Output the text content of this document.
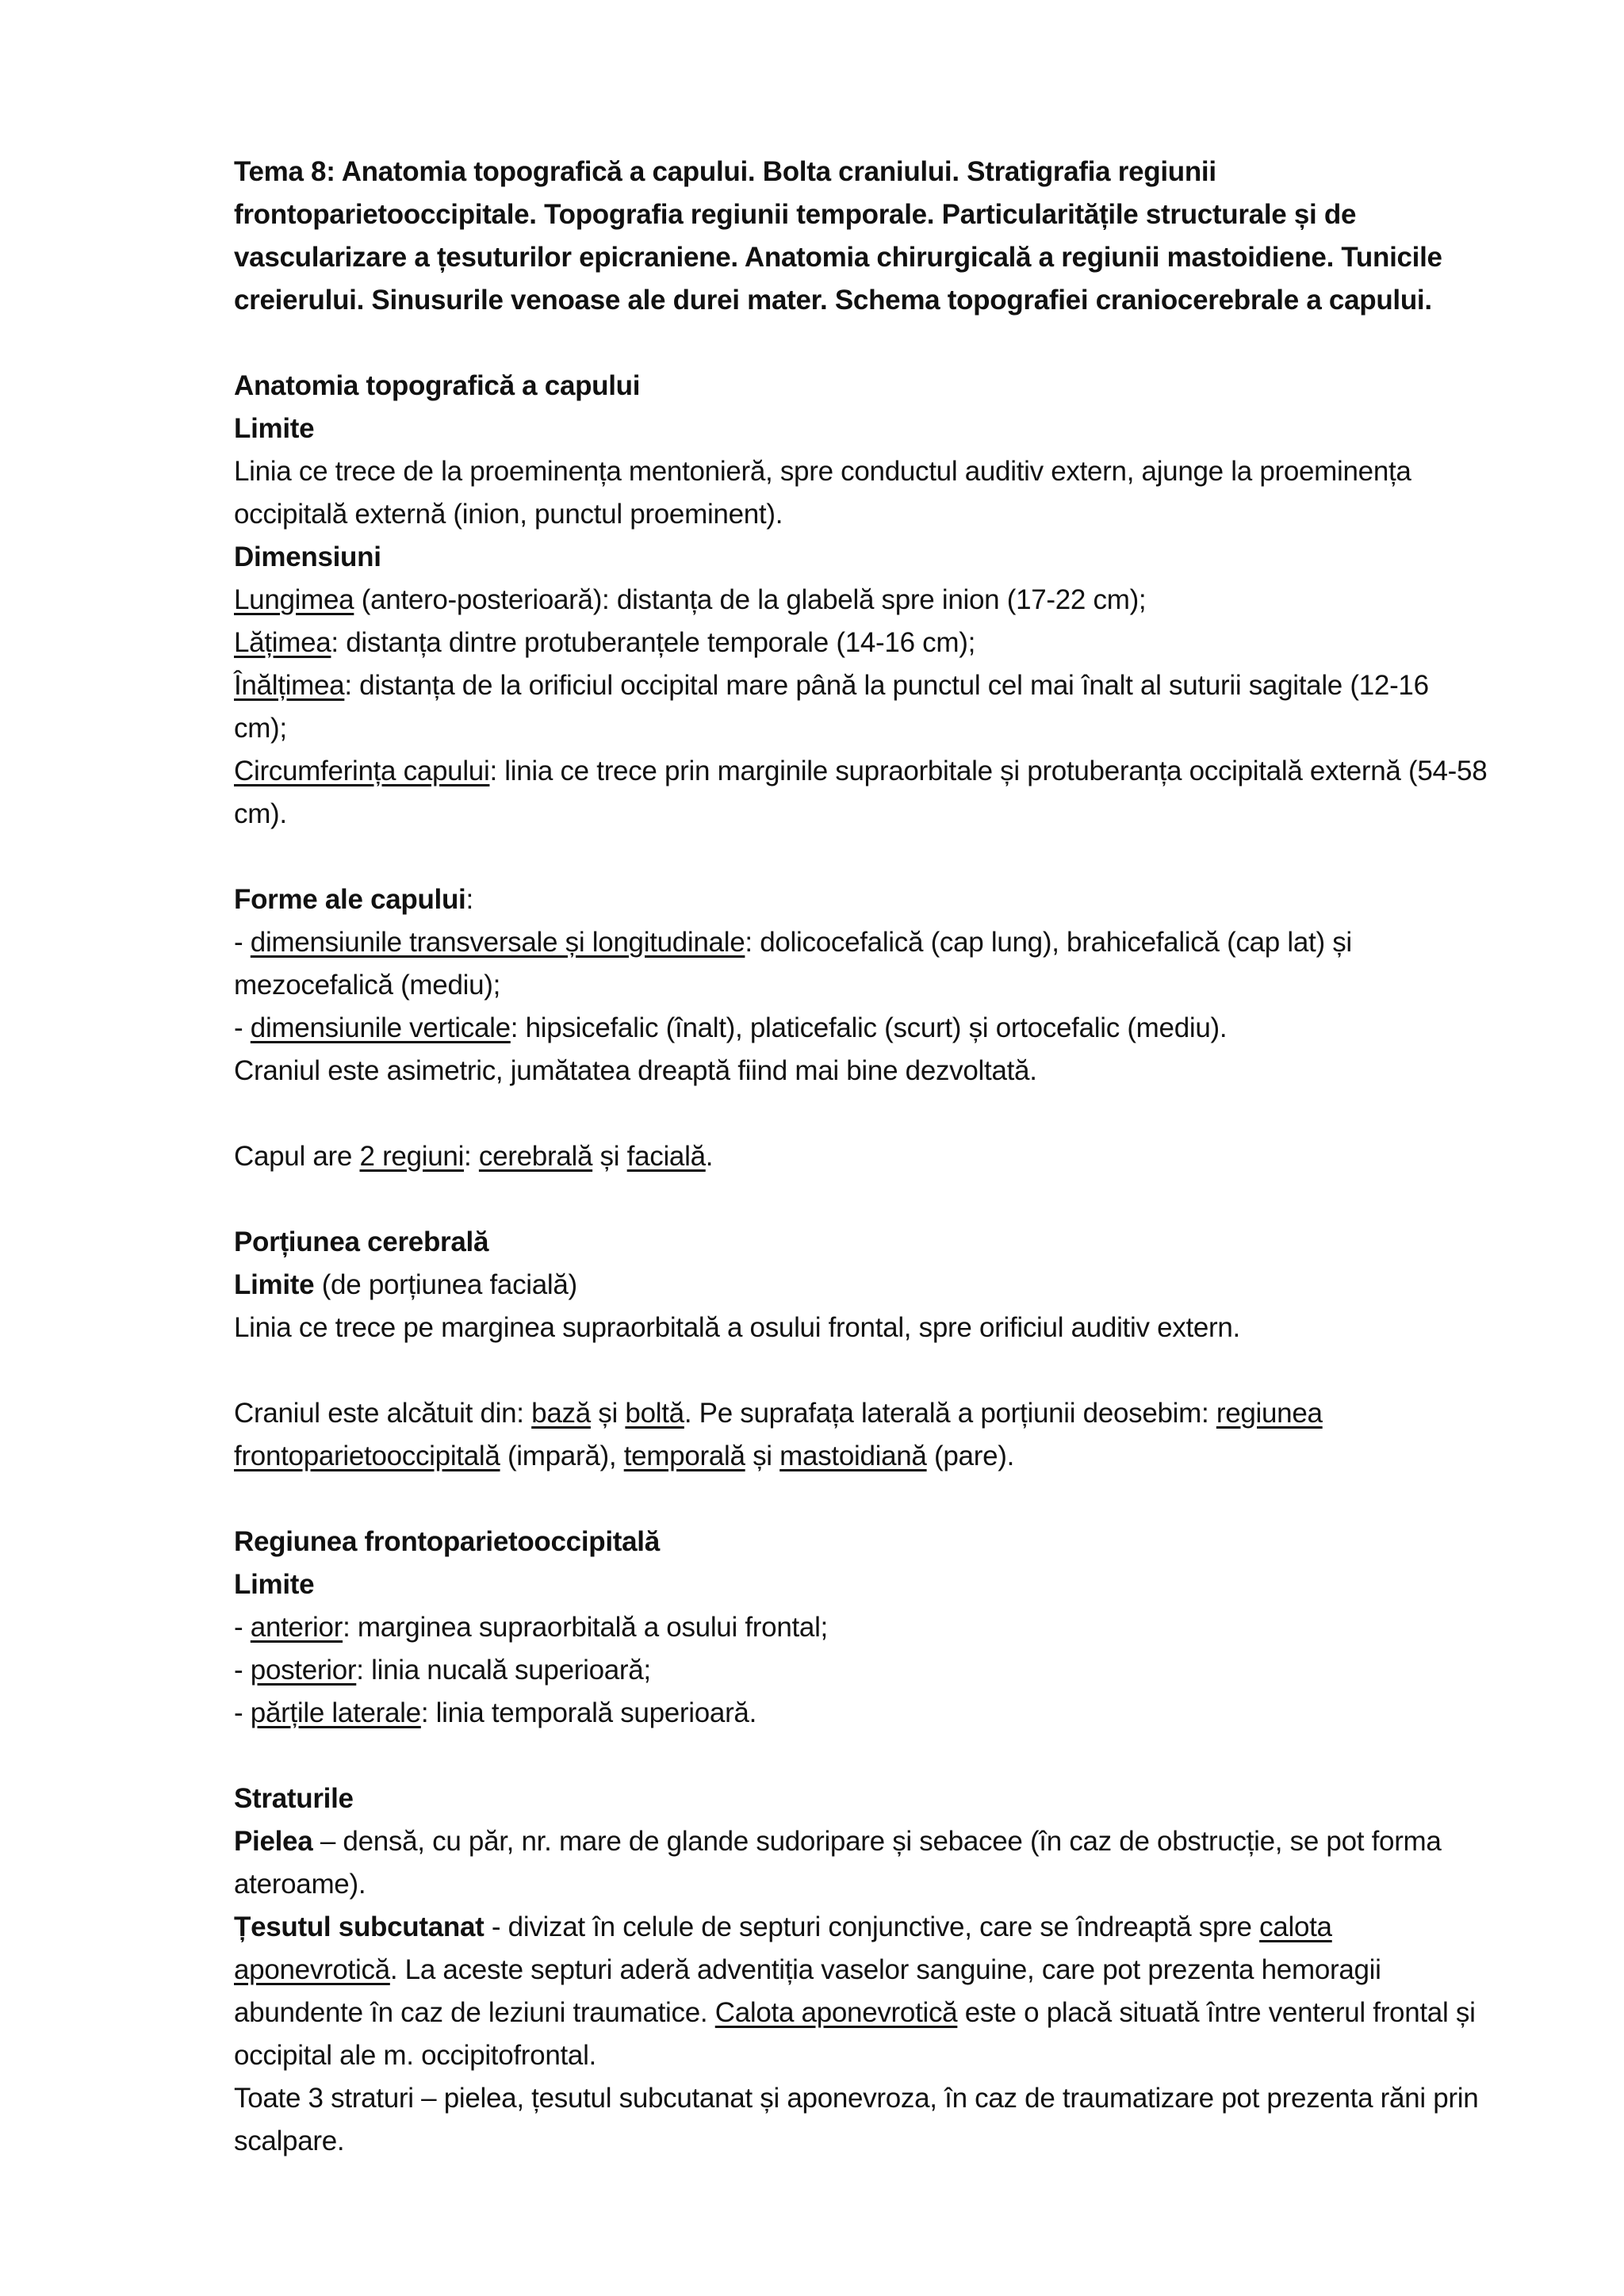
Tema 8: Anatomia topografică a capului. Bolta craniului. Stratigrafia regiunii frontoparietooccipitale. Topografia regiunii temporale. Particularitățile structurale și de vascularizare a țesuturilor epicraniene. Anatomia chirurgicală a regiunii mastoidiene. Tunicile creierului. Sinusurile venoase ale durei mater. Schema topografiei craniocerebrale a capului.

Anatomia topografică a capului

Limite

Linia ce trece de la proeminența mentonieră, spre conductul auditiv extern, ajunge la proeminența occipitală externă (inion, punctul proeminent).

Dimensiuni

Lungimea (antero-posterioară): distanța de la glabelă spre inion (17-22 cm);

Lățimea: distanța dintre protuberanțele temporale (14-16 cm);

Înălțimea: distanța de la orificiul occipital mare până la punctul cel mai înalt al suturii sagitale (12-16 cm);

Circumferința capului: linia ce trece prin marginile supraorbitale și protuberanța occipitală externă (54-58 cm).

Forme ale capului:

- dimensiunile transversale și longitudinale: dolicocefalică (cap lung), brahicefalică (cap lat) și mezocefalică (mediu);

- dimensiunile verticale: hipsicefalic (înalt), platicefalic (scurt) și ortocefalic (mediu).

Craniul este asimetric, jumătatea dreaptă fiind mai bine dezvoltată.

Capul are 2 regiuni: cerebrală și facială.

Porțiunea cerebrală

Limite (de porțiunea facială)

Linia ce trece pe marginea supraorbitală a osului frontal, spre orificiul auditiv extern.

Craniul este alcătuit din: bază și boltă. Pe suprafața laterală a porțiunii deosebim: regiunea frontoparietooccipitală (impară), temporală și mastoidiană (pare).

Regiunea frontoparietooccipitală

Limite

- anterior: marginea supraorbitală a osului frontal;

- posterior: linia nucală superioară;

- părțile laterale: linia temporală superioară.

Straturile

Pielea – densă, cu păr, nr. mare de glande sudoripare și sebacee (în caz de obstrucție, se pot forma ateroame).

Țesutul subcutanat - divizat în celule de septuri conjunctive, care se îndreaptă spre calota aponevrotică. La aceste septuri aderă adventiția vaselor sanguine, care pot prezenta hemoragii abundente în caz de leziuni traumatice. Calota aponevrotică este o placă situată între venterul frontal și occipital ale m. occipitofrontal.

Toate 3 straturi – pielea, țesutul subcutanat și aponevroza, în caz de traumatizare pot prezenta răni prin scalpare.
